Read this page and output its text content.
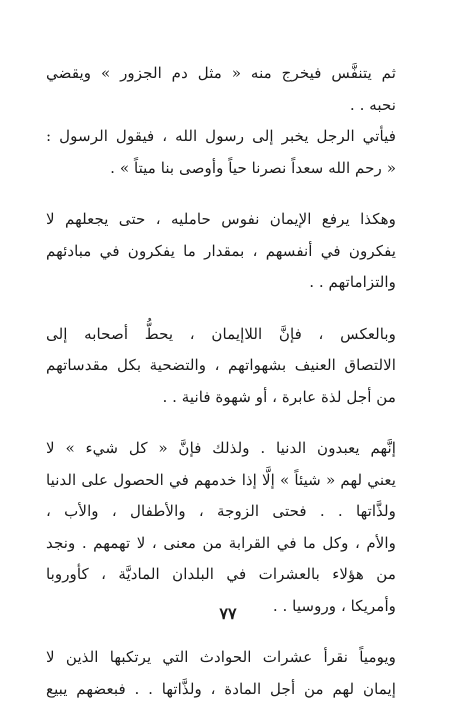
ثم يتنفَّس فيخرج منه « مثل دم الجزور » ويقضي
نحبه . .
فيأتي الرجل يخبر إلى رسول الله ، فيقول الرسول :
« رحم الله سعداً نصرنا حياً وأوصى بنا ميتاً » .
وهكذا يرفع الإيمان نفوس حامليه ، حتى يجعلهم لا
يفكرون في أنفسهم ، بمقدار ما يفكرون في مبادئهم
والتزاماتهم . .
وبالعكس ، فإنَّ اللاإيمان ، يحطُّ أصحابه إلى
الالتصاق العنيف بشهواتهم ، والتضحية بكل مقدساتهم
من أجل لذة عابرة ، أو شهوة فانية . .
إنَّهم يعبدون الدنيا . ولذلك فإنَّ « كل شيء » لا
يعني لهم « شيئاً » إلَّا إذا خدمهم في الحصول على الدنيا
ولذَّاتها . . فحتى الزوجة ، والأطفال ، والأب ،
والأم ، وكل ما في القرابة من معنى ، لا تهمهم . ونجد
من هؤلاء بالعشرات في البلدان الماديَّة ، كأوروبا
وأمريكا ، وروسيا . .
ويومياً نقرأ عشرات الحوادث التي يرتكبها الذين لا
إيمان لهم من أجل المادة ، ولذَّاتها . . فبعضهم يبيع
٧٧
